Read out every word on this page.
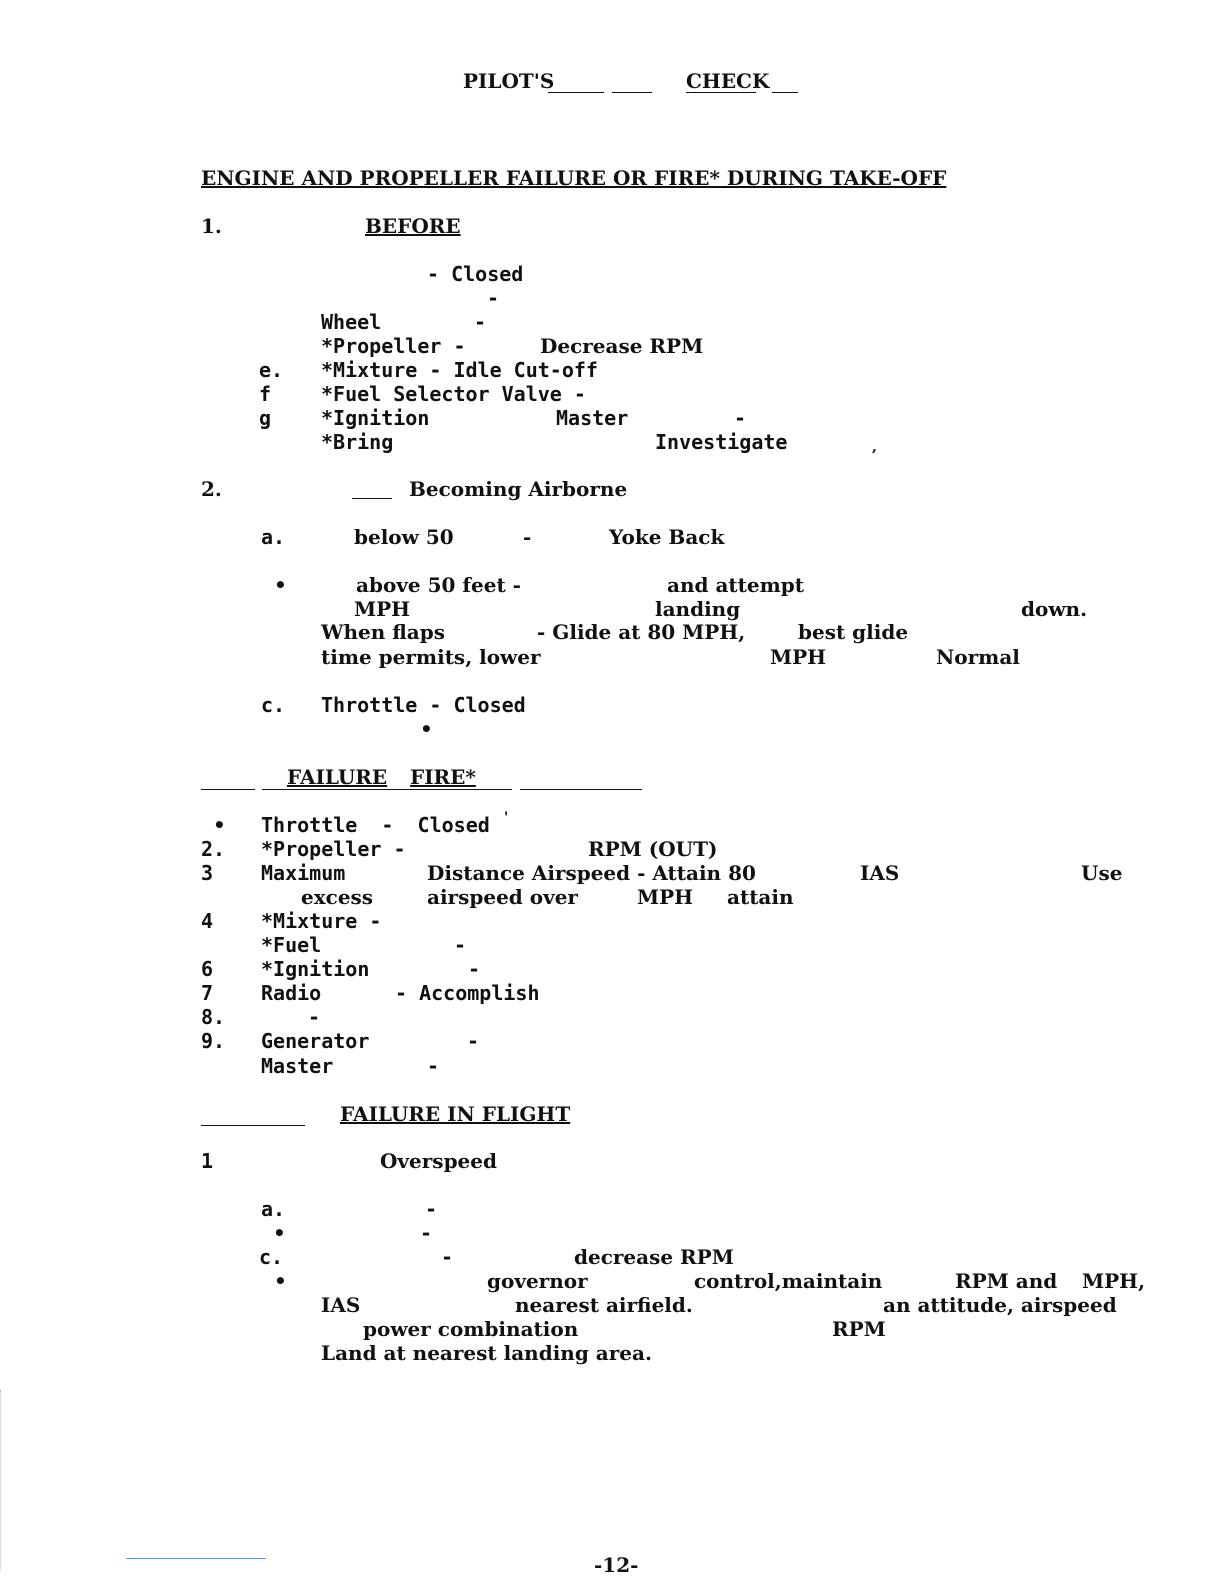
PILOT'S	CHECK
ENGINE AND PROPELLER FAILURE OR FIRE* DURING TAKE-OFF
1.	BEFORE
- Closed
-
Wheel	-
*Propeller -	Decrease RPM
e. *Mixture - Idle Cut-off
f *Fuel Selector Valve -
g *Ignition	Master	-
*Bring	Investigate	,
2.	Becoming Airborne
a.	below 50	-	Yoke Back
•	above 50 feet -	and attempt
MPH	landing	down.
When flaps	- Glide at 80 MPH,	best glide
time permits, lower	MPH	Normal
c. Throttle - Closed
•
FAILURE FIRE*
• Throttle  -  Closed '
2. *Propeller -	RPM (OUT)
3 Maximum	Distance Airspeed - Attain 80	IAS	Use
excess	airspeed over	MPH attain
4 *Mixture -
*Fuel	-
6 *Ignition	-
7 Radio	- Accomplish
8.	-
9. Generator	-
Master	-
FAILURE IN FLIGHT
1	Overspeed
a.	-
•	-
c.	-	decrease RPM
•	governor	control,maintain	RPM and MPH,
IAS	nearest airfield.	an attitude, airspeed
power combination	RPM
Land at nearest landing area.
-12-
